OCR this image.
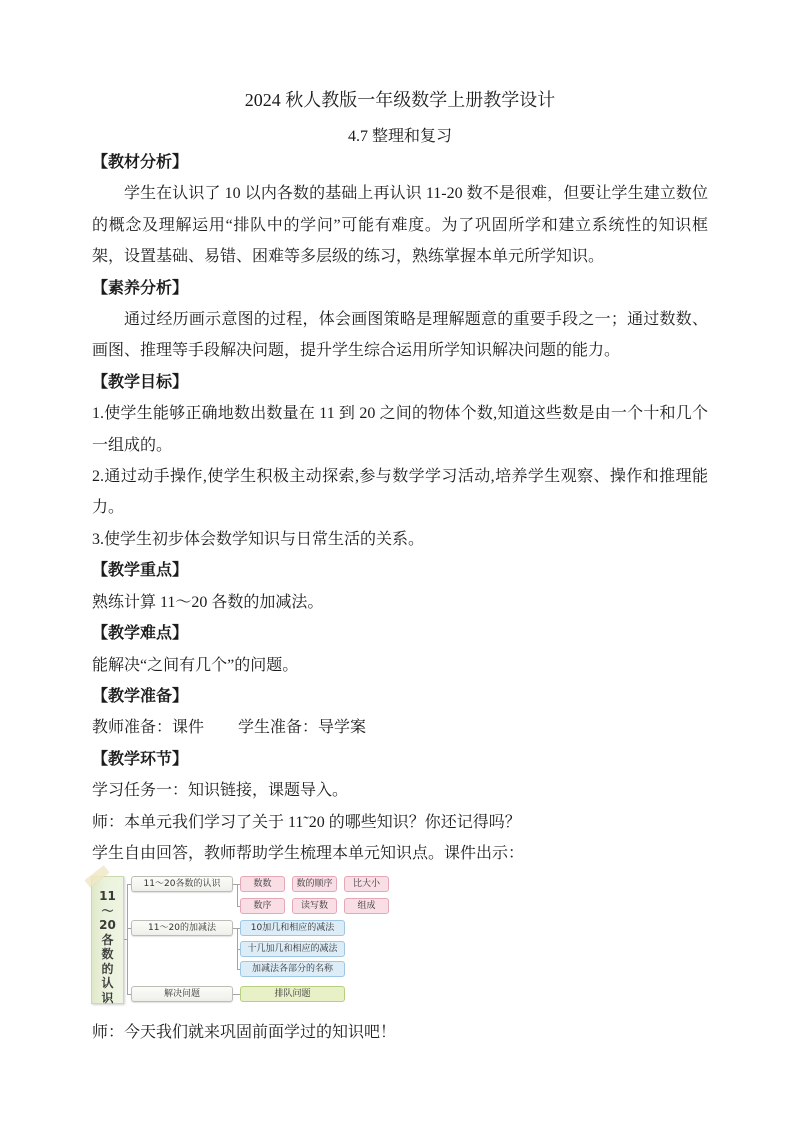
2024 秋人教版一年级数学上册教学设计
4.7 整理和复习

【教材分析】

学生在认识了 10 以内各数的基础上再认识 11-20 数不是很难，但要让学生建立数位的概念及理解运用“排队中的学问”可能有难度。为了巩固所学和建立系统性的知识框架，设置基础、易错、困难等多层级的练习，熟练掌握本单元所学知识。

【素养分析】

通过经历画示意图的过程，体会画图策略是理解题意的重要手段之一；通过数数、画图、推理等手段解决问题，提升学生综合运用所学知识解决问题的能力。

【教学目标】

1.使学生能够正确地数出数量在 11 到 20 之间的物体个数,知道这些数是由一个十和几个一组成的。

2.通过动手操作,使学生积极主动探索,参与数学学习活动,培养学生观察、操作和推理能力。

3.使学生初步体会数学知识与日常生活的关系。

【教学重点】

熟练计算 11～20 各数的加减法。

【教学难点】

能解决“之间有几个”的问题。

【教学准备】

教师准备：课件 学生准备：导学案

【教学环节】

学习任务一：知识链接，课题导入。

师：本单元我们学习了关于 11˜20 的哪些知识？你还记得吗？

学生自由回答，教师帮助学生梳理本单元知识点。课件出示：

11
～
20
各
数
的
认
识
11～20各数的认识
11～20的加减法
解决问题
数数	数的顺序	比大小
数序	读写数	组成
10加几和相应的减法
十几加几和相应的减法
加减法各部分的名称
排队问题

师：今天我们就来巩固前面学过的知识吧！
